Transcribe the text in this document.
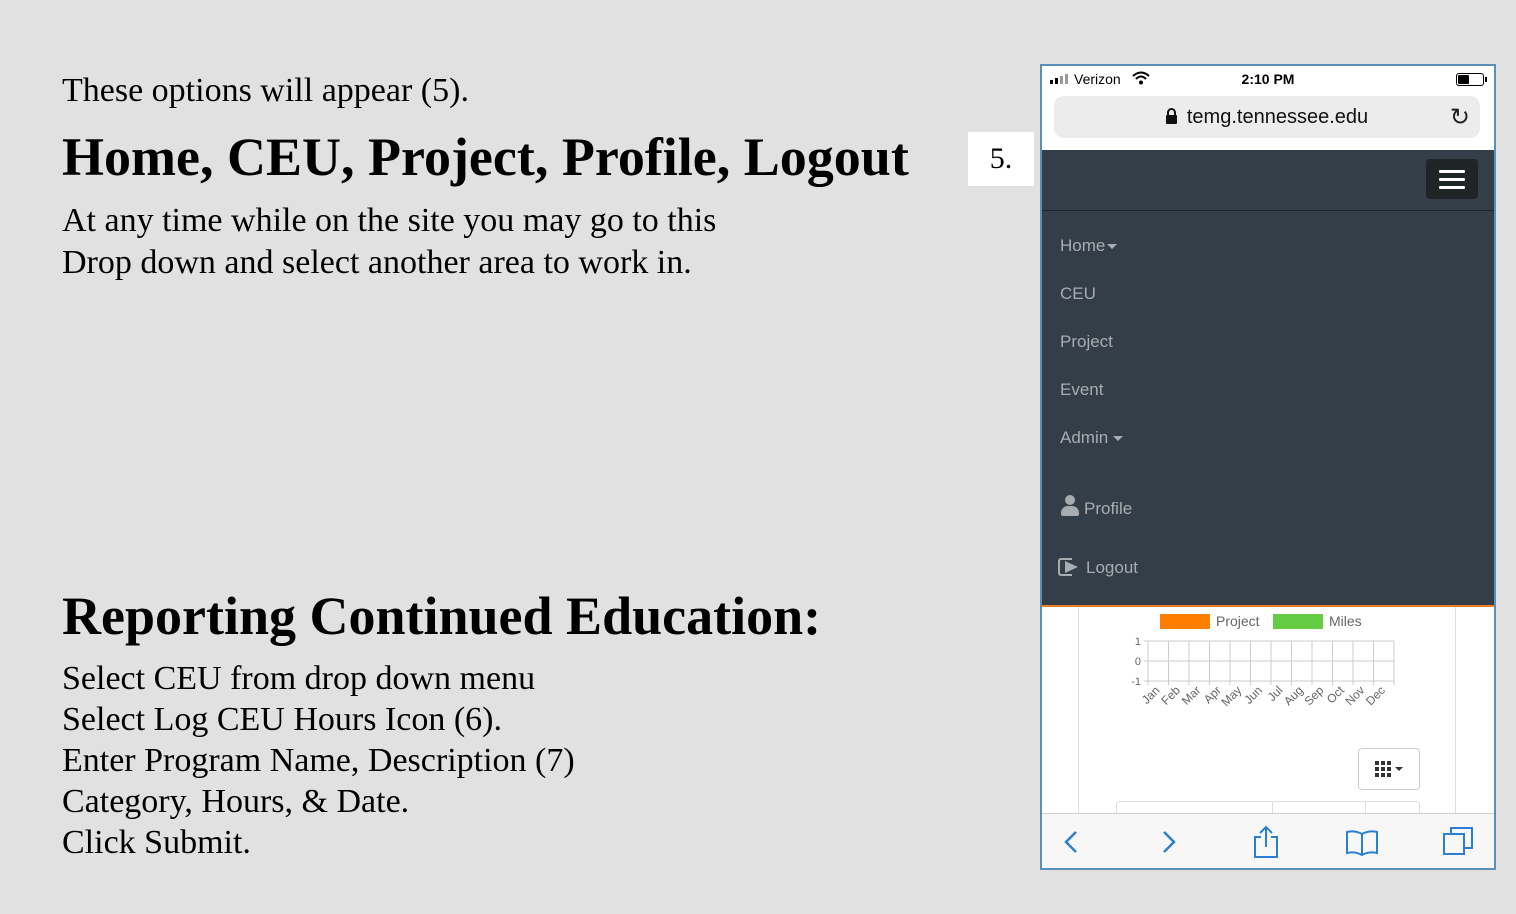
These options will appear (5).

Home, CEU, Project, Profile, Logout
At any time while on the site you may go to this
Drop down and select another area to work in.
5.
Reporting Continued Education:
Select CEU from drop down menu
Select Log CEU Hours Icon (6).
Enter Program Name, Description (7)
Category, Hours, & Date.
Click Submit.
Verizon	2:10 PM
temg.tennessee.edu	↻
Home
CEU
Project
Event
Admin
Profile
Logout
Project	Miles
1
0
-1
Jan
Feb
Mar
Apr
May
Jun Jul
Aug
Sep
Oct
Nov
Dec
